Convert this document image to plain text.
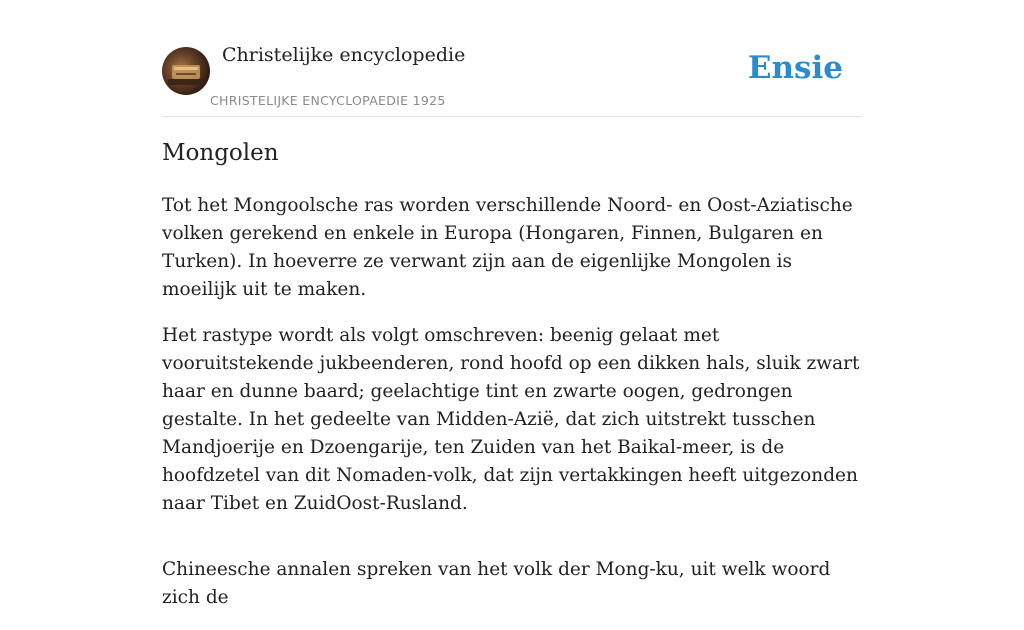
Christelijke encyclopedie
CHRISTELIJKE ENCYCLOPAEDIE 1925
Ensie
Mongolen

Tot het Mongoolsche ras worden verschillende Noord- en Oost-Aziatische volken gerekend en enkele in Europa (Hongaren, Finnen, Bulgaren en Turken). In hoeverre ze verwant zijn aan de eigenlijke Mongolen is moeilijk uit te maken.

Het rastype wordt als volgt omschreven: beenig gelaat met vooruitstekende jukbeenderen, rond hoofd op een dikken hals, sluik zwart haar en dunne baard; geelachtige tint en zwarte oogen, gedrongen gestalte. In het gedeelte van Midden-Azië, dat zich uitstrekt tusschen Mandjoerije en Dzoengarije, ten Zuiden van het Baikal-meer, is de hoofdzetel van dit Nomaden-volk, dat zijn vertakkingen heeft uitgezonden naar Tibet en ZuidOost-Rusland.

Chineesche annalen spreken van het volk der Mong-ku, uit welk woord zich de
